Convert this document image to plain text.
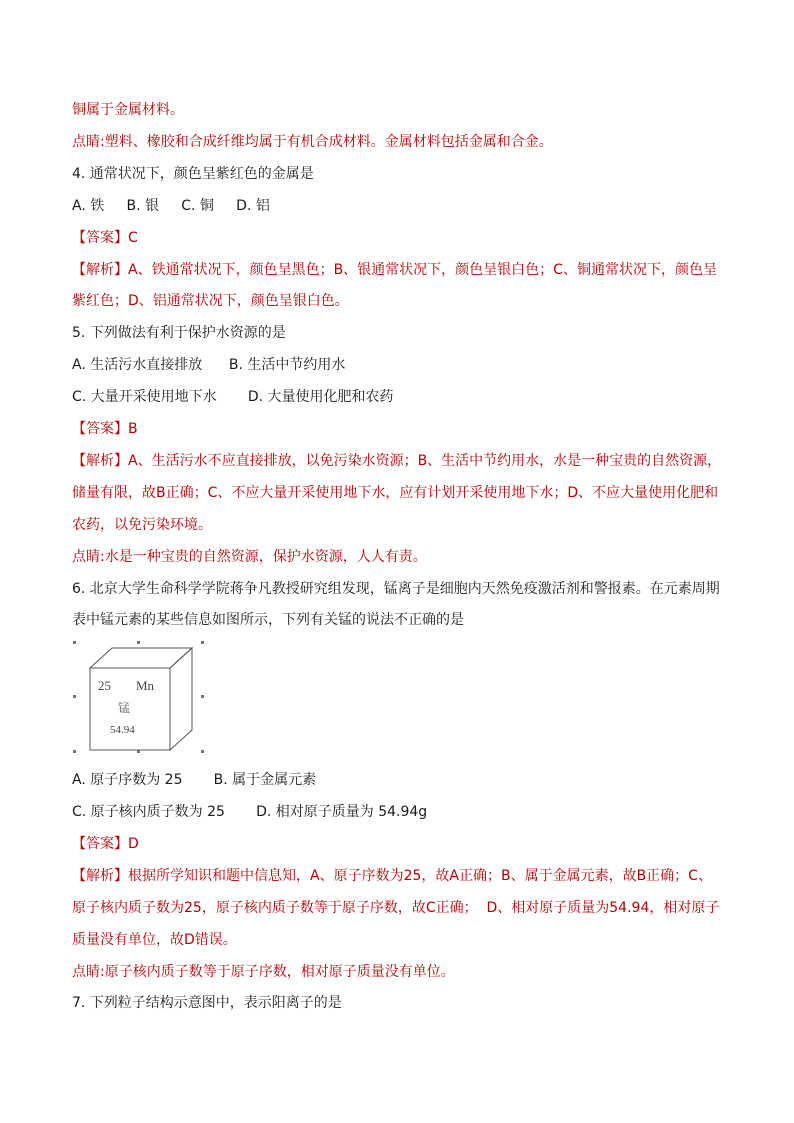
铜属于金属材料。
点睛:塑料、橡胶和合成纤维均属于有机合成材料。金属材料包括金属和合金。
4. 通常状况下，颜色呈紫红色的金属是
A. 铁     B. 银     C. 铜     D. 铝
【答案】C
【解析】A、铁通常状况下，颜色呈黑色；B、银通常状况下，颜色呈银白色；C、铜通常状况下，颜色呈
紫红色；D、铝通常状况下，颜色呈银白色。
5. 下列做法有利于保护水资源的是
A. 生活污水直接排放      B. 生活中节约用水
C. 大量开采使用地下水       D. 大量使用化肥和农药
【答案】B
【解析】A、生活污水不应直接排放，以免污染水资源；B、生活中节约用水，水是一种宝贵的自然资源，
储量有限，故B正确；C、不应大量开采使用地下水，应有计划开采使用地下水；D、不应大量使用化肥和
农药，以免污染环境。
点睛:水是一种宝贵的自然资源，保护水资源，人人有责。
6. 北京大学生命科学学院蒋争凡教授研究组发现，锰离子是细胞内天然免疫激活剂和警报素。在元素周期
表中锰元素的某些信息如图所示，下列有关锰的说法不正确的是
25 Mn
锰
54.94
A. 原子序数为 25       B. 属于金属元素
C. 原子核内质子数为 25       D. 相对原子质量为 54.94g
【答案】D
【解析】根据所学知识和题中信息知，A、原子序数为25，故A正确；B、属于金属元素，故B正确；C、
原子核内质子数为25，原子核内质子数等于原子序数，故C正确；  D、相对原子质量为54.94，相对原子
质量没有单位，故D错误。
点睛:原子核内质子数等于原子序数，相对原子质量没有单位。
7. 下列粒子结构示意图中，表示阳离子的是
